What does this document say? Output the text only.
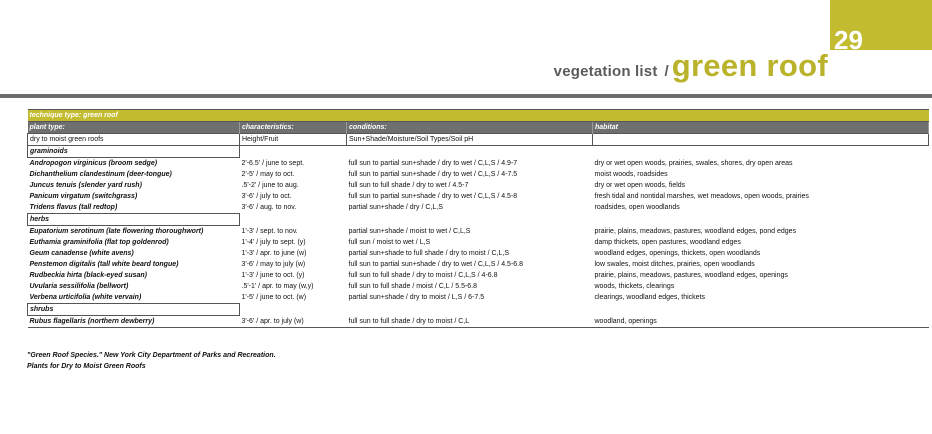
29
vegetation list /green roof
technique type: green roof			
plant type:	characteristics:	conditions:	habitat
dry to moist green roofs	Height/Fruit	Sun+Shade/Moisture/Soil Types/Soil pH	
graminoids			
Andropogon virginicus (broom sedge)	2'-6.5' / june to sept.	full sun to partial sun+shade / dry to wet / C,L,S / 4.9-7	dry or wet open woods, prairies, swales, shores, dry open areas
Dichanthelium clandestinum (deer-tongue)	2'-5' / may to oct.	full sun to partial sun+shade / dry to wet / C,L,S / 4-7.5	moist woods, roadsides
Juncus tenuis (slender yard rush)	.5'-2' / june to aug.	full sun to full shade / dry to wet / 4.5-7	dry or wet open woods, fields
Panicum virgatum (switchgrass)	3'-6' / july to oct.	full sun to partial sun+shade / dry to wet / C,L,S / 4.5-8	fresh tidal and nontidal marshes, wet meadows, open woods, prairies
Tridens flavus (tall redtop)	3'-6' / aug. to nov.	partial sun+shade / dry / C,L,S	roadsides, open woodlands
herbs			
Eupatorium serotinum (late flowering thoroughwort)	1'-3' / sept. to nov.	partial sun+shade / moist to wet / C,L,S	prairie, plains, meadows, pastures, woodland edges, pond edges
Euthamia graminifolia (flat top goldenrod)	1'-4' / july to sept. (y)	full sun / moist to wet / L,S	damp thickets, open pastures, woodland edges
Geum canadense (white avens)	1'-3' / apr. to june (w)	partial sun+shade to full shade / dry to moist / C,L,S	woodland edges, openings, thickets, open woodlands
Penstemon digitalis (tall white beard tongue)	3'-6' / may to july (w)	full sun to partial sun+shade / dry to wet / C,L,S / 4.5-6.8	low swales, moist ditches, prairies, open woodlands
Rudbeckia hirta (black-eyed susan)	1'-3' / june to oct. (y)	full sun to full shade / dry to moist / C,L,S / 4-6.8	prairie, plains, meadows, pastures, woodland edges, openings
Uvularia sessilifolia (bellwort)	.5'-1' / apr. to may (w,y)	full sun to full shade / moist / C,L / 5.5-6.8	woods, thickets, clearings
Verbena urticifolia (white vervain)	1'-5' / june to oct. (w)	partial sun+shade / dry to moist / L,S / 6-7.5	clearings, woodland edges, thickets
shrubs			
Rubus flagellaris (northern dewberry)	3'-6' / apr. to july (w)	full sun to full shade / dry to moist / C,L	woodland, openings
"Green Roof Species." New York City Department of Parks and Recreation.
Plants for Dry to Moist Green Roofs
